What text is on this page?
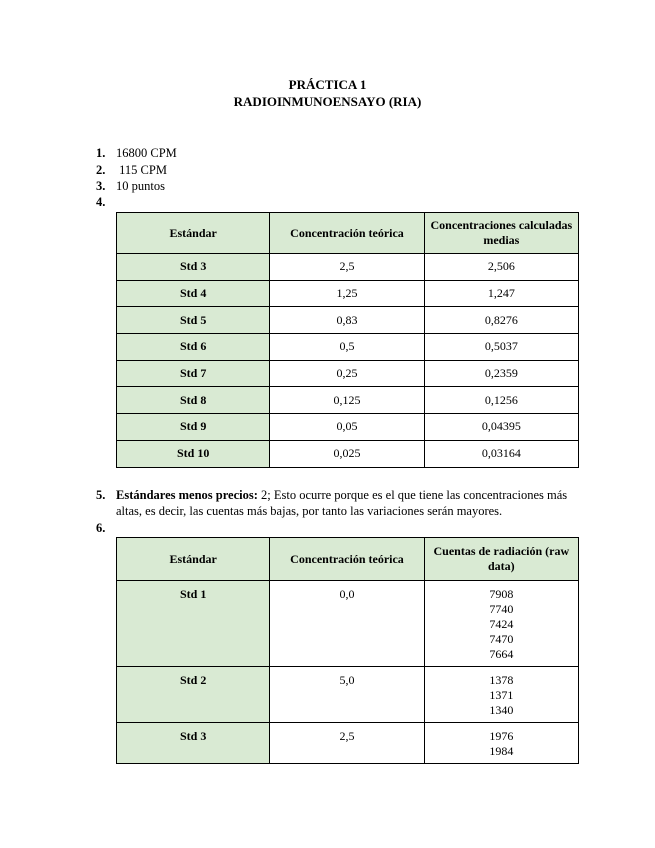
PRÁCTICA 1
RADIOINMUNOENSAYO (RIA)
1. 16800 CPM
2. 115 CPM
3. 10 puntos
4.
Estándar	Concentración teórica	Concentraciones calculadas medias
Std 3	2,5	2,506
Std 4	1,25	1,247
Std 5	0,83	0,8276
Std 6	0,5	0,5037
Std 7	0,25	0,2359
Std 8	0,125	0,1256
Std 9	0,05	0,04395
Std 10	0,025	0,03164
5. Estándares menos precios: 2; Esto ocurre porque es el que tiene las concentraciones más altas, es decir, las cuentas más bajas, por tanto las variaciones serán mayores.
6.
Estándar	Concentración teórica	Cuentas de radiación (raw data)
Std 1	0,0	7908
7740
7424
7470
7664

Std 2	5,0	1378
1371
1340

Std 3	2,5	1976
1984
